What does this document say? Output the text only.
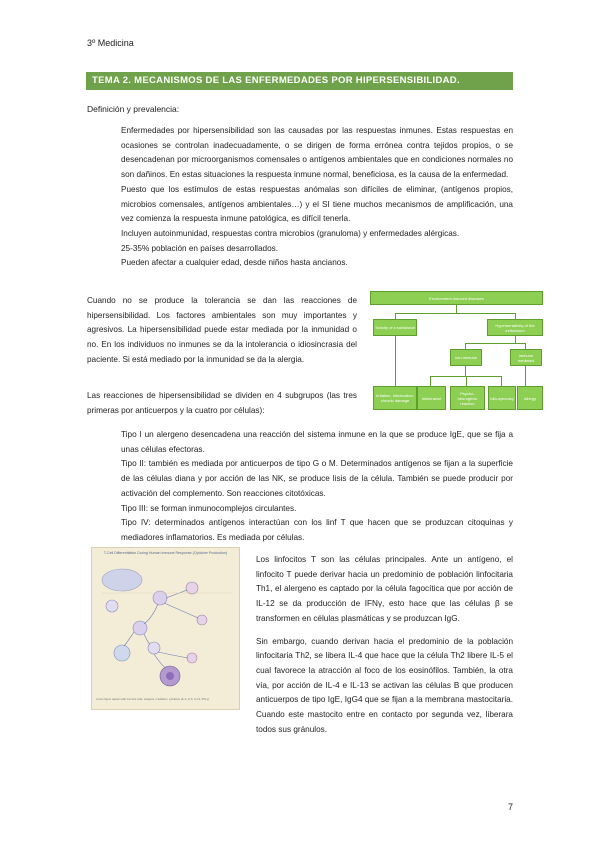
3º Medicina
TEMA 2. MECANISMOS DE LAS ENFERMEDADES POR HIPERSENSIBILIDAD.
Definición y prevalencia:

Enfermedades por hipersensibilidad son las causadas por las respuestas inmunes. Estas respuestas en ocasiones se controlan inadecuadamente, o se dirigen de forma errónea contra tejidos propios, o se desencadenan por microorganismos comensales o antígenos ambientales que en condiciones normales no son dañinos. En estas situaciones la respuesta inmune normal, beneficiosa, es la causa de la enfermedad.

Puesto que los estímulos de estas respuestas anómalas son difíciles de eliminar, (antígenos propios, microbios comensales, antígenos ambientales…) y el SI tiene muchos mecanismos de amplificación, una vez comienza la respuesta inmune patológica, es difícil tenerla.

Incluyen autoinmunidad, respuestas contra microbios (granuloma) y enfermedades alérgicas.

25-35% población en países desarrollados.

Pueden afectar a cualquier edad, desde niños hasta ancianos.

Cuando no se produce la tolerancia se dan las reacciones de hipersensibilidad. Los factores ambientales son muy importantes y agresivos. La hipersensibilidad puede estar mediada por la inmunidad o no. En los individuos no inmunes se da la intolerancia o idiosincrasia del paciente. Si está mediado por la inmunidad se da la alergia.
Environment-induced diseases
Toxicity of a substance	Hypersensitivity of the individuum
non-immune	immune mediated
Irritation, Intoxication, chronic damage	Intolerance
Psycho-neurogenic reaction
Idio-syncrasy	Allergy
Las reacciones de hipersensibilidad se dividen en 4 subgrupos (las tres primeras por anticuerpos y la cuatro por células):

Tipo I un alergeno desencadena una reacción del sistema inmune en la que se produce IgE, que se fija a unas células efectoras.

Tipo II: también es mediada por anticuerpos de tipo G o M. Determinados antígenos se fijan a la superficie de las células diana y por acción de las NK, se produce lisis de la célula. También se puede producir por activación del complemento. Son reacciones citotóxicas.

Tipo III: se forman inmunocomplejos circulantes.

Tipo IV: determinados antígenos interactúan con los linf T que hacen que se produzcan citoquinas y mediadores inflamatorios. Es mediada por células.

T-Cell Differentiation During Human Immune Response (Cytokine Production)
Lorem figure caption with immune cells, antigens, mediators, cytokines (IL-4, IL-5, IL-13, IFN-γ)

Los linfocitos T son las células principales. Ante un antígeno, el linfocito T puede derivar hacia un predominio de población linfocitaria Th1, el alergeno es captado por la célula fagocítica que por acción de IL-12 se da producción de IFNγ, esto hace que las células β se transformen en células plasmáticas y se produzcan IgG.

Sin embargo, cuando derivan hacia el predominio de la población linfocitaria Th2, se libera IL-4 que hace que la célula Th2 libere IL-5 el cual favorece la atracción al foco de los eosinófilos. También, la otra vía, por acción de IL-4 e IL-13 se activan las células B que producen anticuerpos de tipo IgE, IgG4 que se fijan a la membrana mastocitaria. Cuando este mastocito entre en contacto por segunda vez, liberara todos sus gránulos.

7
